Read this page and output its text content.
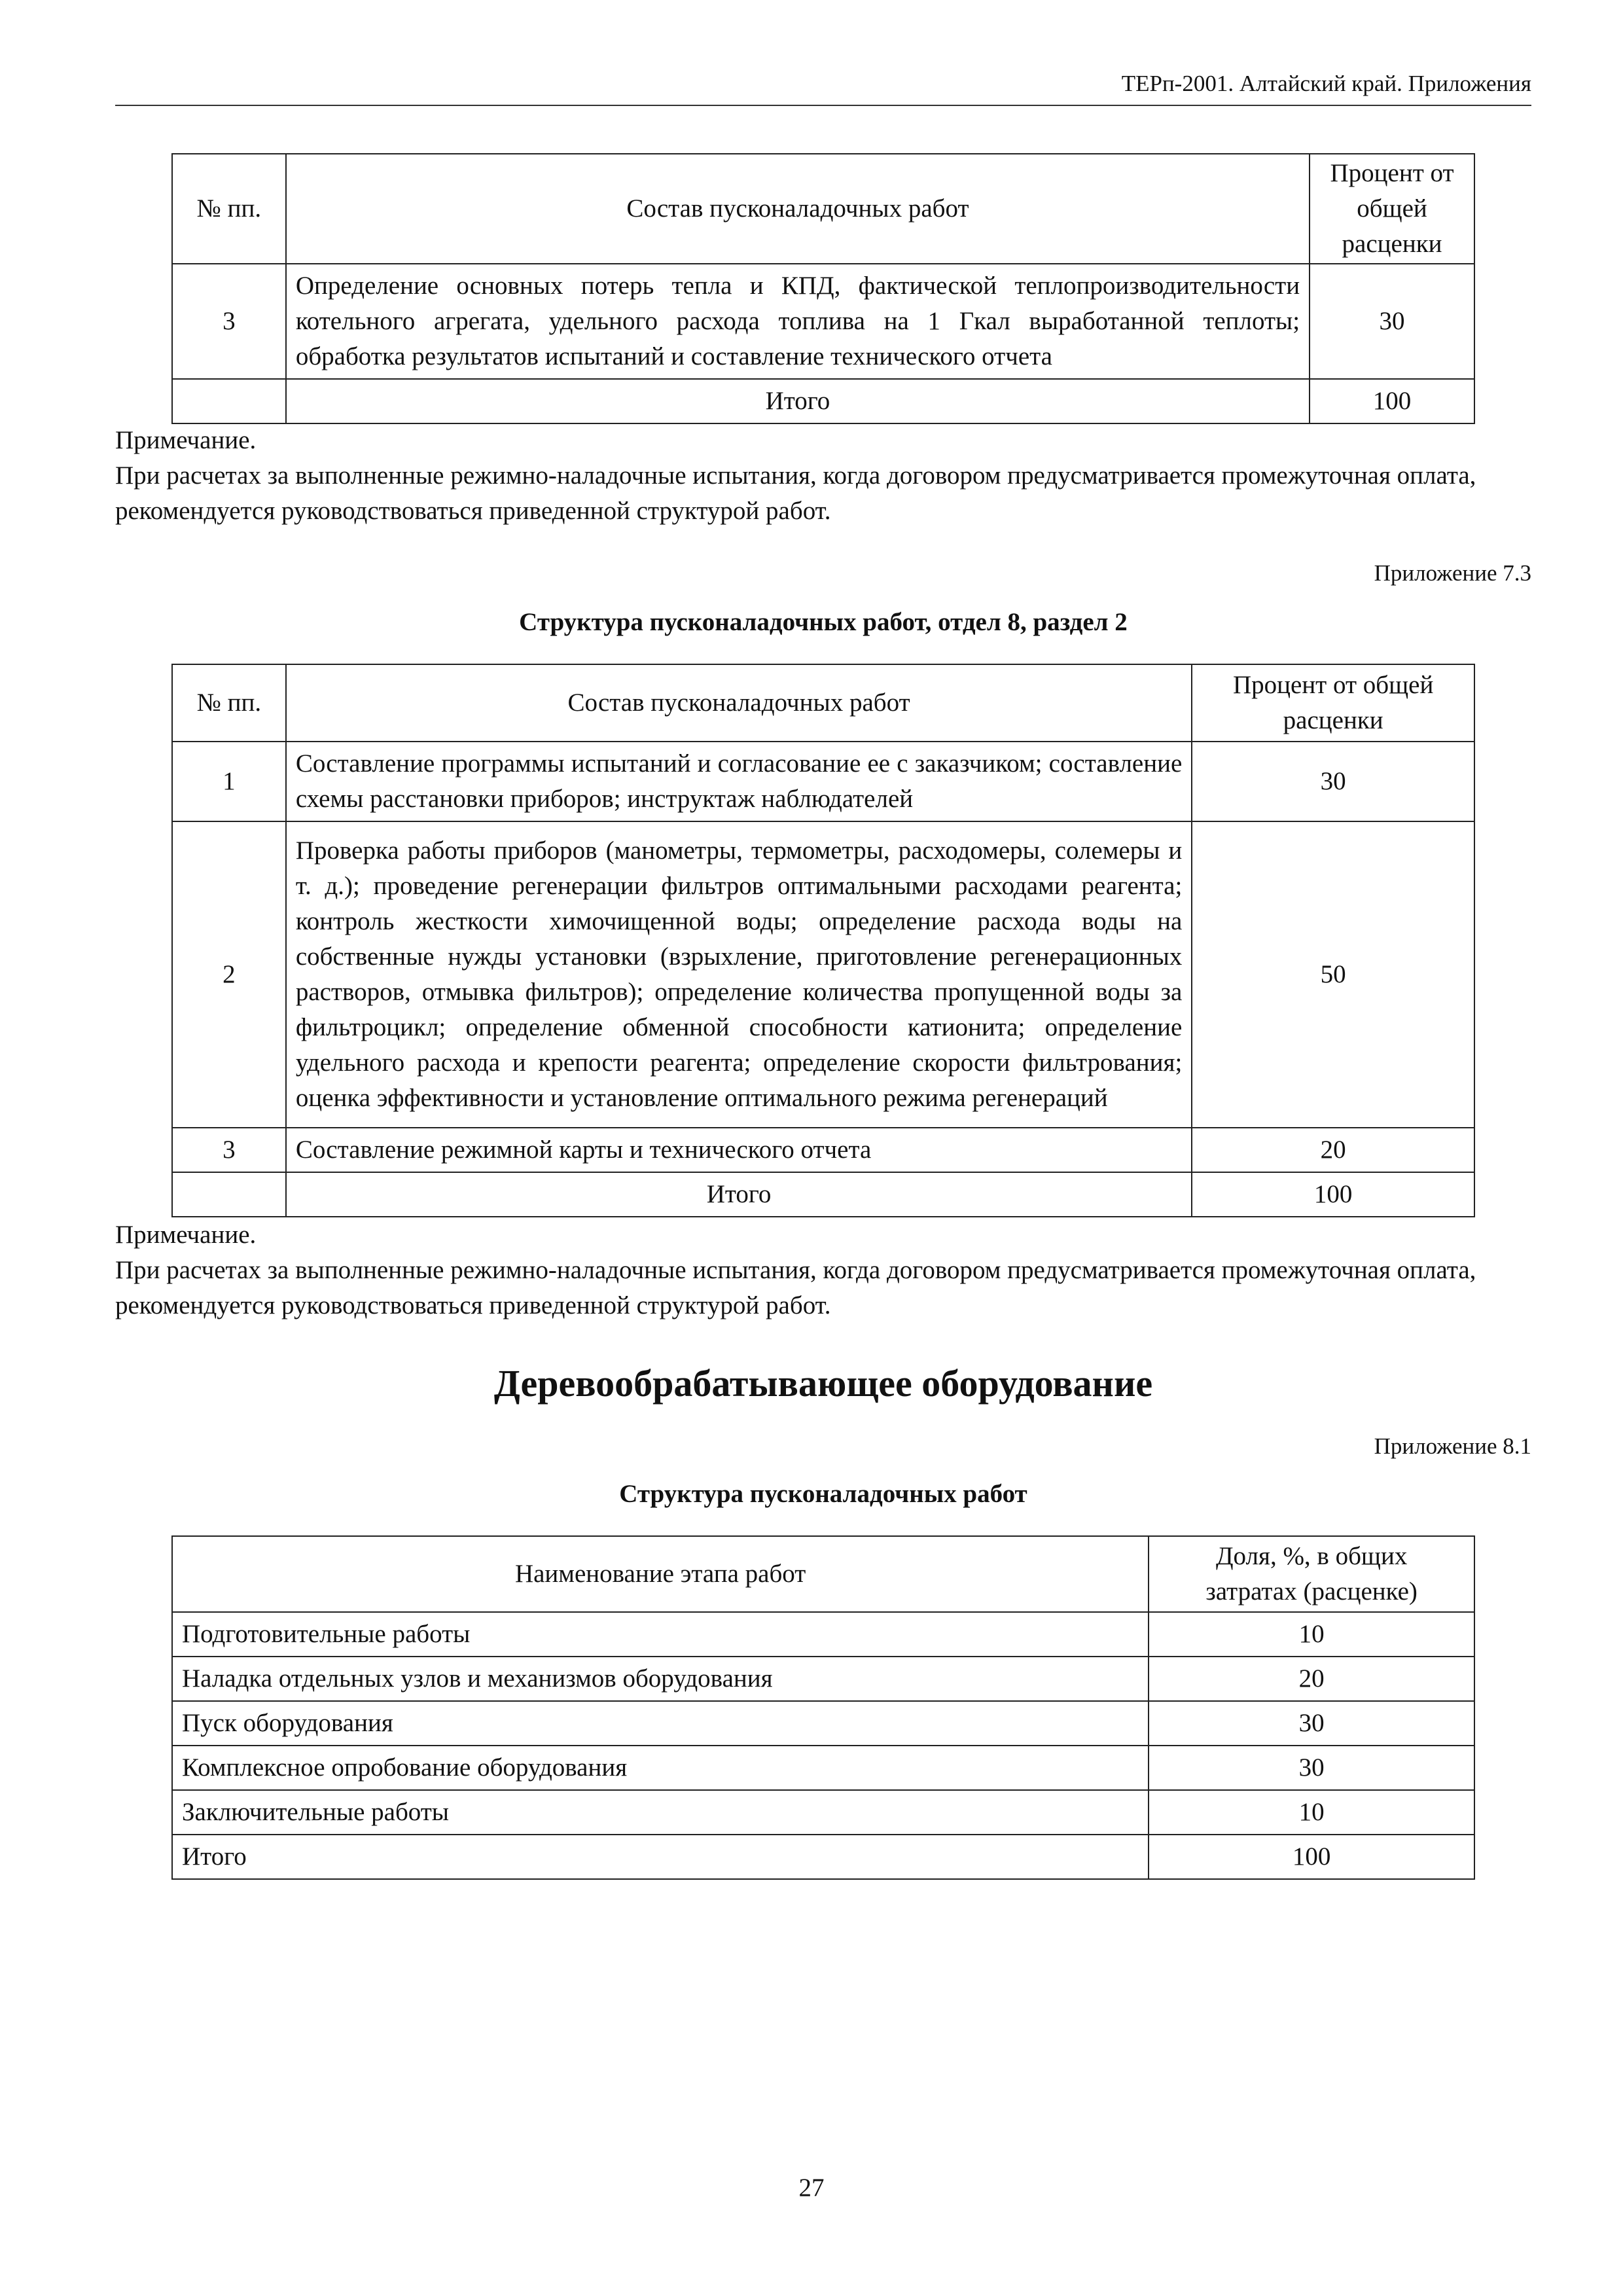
ТЕРп-2001. Алтайский край. Приложения
№ пп.	Состав пусконаладочных работ	Процент от общей расценки
3	Определение основных потерь тепла и КПД, фактической теплопроизводительности котельного агрегата, удельного расхода топлива на 1 Гкал выработанной теплоты; обработка результатов испытаний и составление технического отчета	30
	Итого	100
Примечание.
При расчетах за выполненные режимно-наладочные испытания, когда договором предусматривается промежуточная оплата, рекомендуется руководствоваться приведенной структурой работ.
Приложение 7.3
Структура пусконаладочных работ, отдел 8, раздел 2
№ пп.	Состав пусконаладочных работ	Процент от общей расценки
1	Составление программы испытаний и согласование ее с заказчиком; составление схемы расстановки приборов; инструктаж наблюдателей	30
2	Проверка работы приборов (манометры, термометры, расходомеры, солемеры и т. д.); проведение регенерации фильтров оптимальными расходами реагента; контроль жесткости химочищенной воды; определение расхода воды на собственные нужды установки (взрыхление, приготовление регенерационных растворов, отмывка фильтров); определение количества пропущенной воды за фильтроцикл; определение обменной способности катионита; определение удельного расхода и крепости реагента; определение скорости фильтрования; оценка эффективности и установление оптимального режима регенераций	50
3	Составление режимной карты и технического отчета	20
	Итого	100
Примечание.
При расчетах за выполненные режимно-наладочные испытания, когда договором предусматривается промежуточная оплата, рекомендуется руководствоваться приведенной структурой работ.
Деревообрабатывающее оборудование
Приложение 8.1
Структура пусконаладочных работ
Наименование этапа работ	Доля, %, в общих затратах (расценке)
Подготовительные работы	10
Наладка отдельных узлов и механизмов оборудования	20
Пуск оборудования	30
Комплексное опробование оборудования	30
Заключительные работы	10
Итого	100
27
